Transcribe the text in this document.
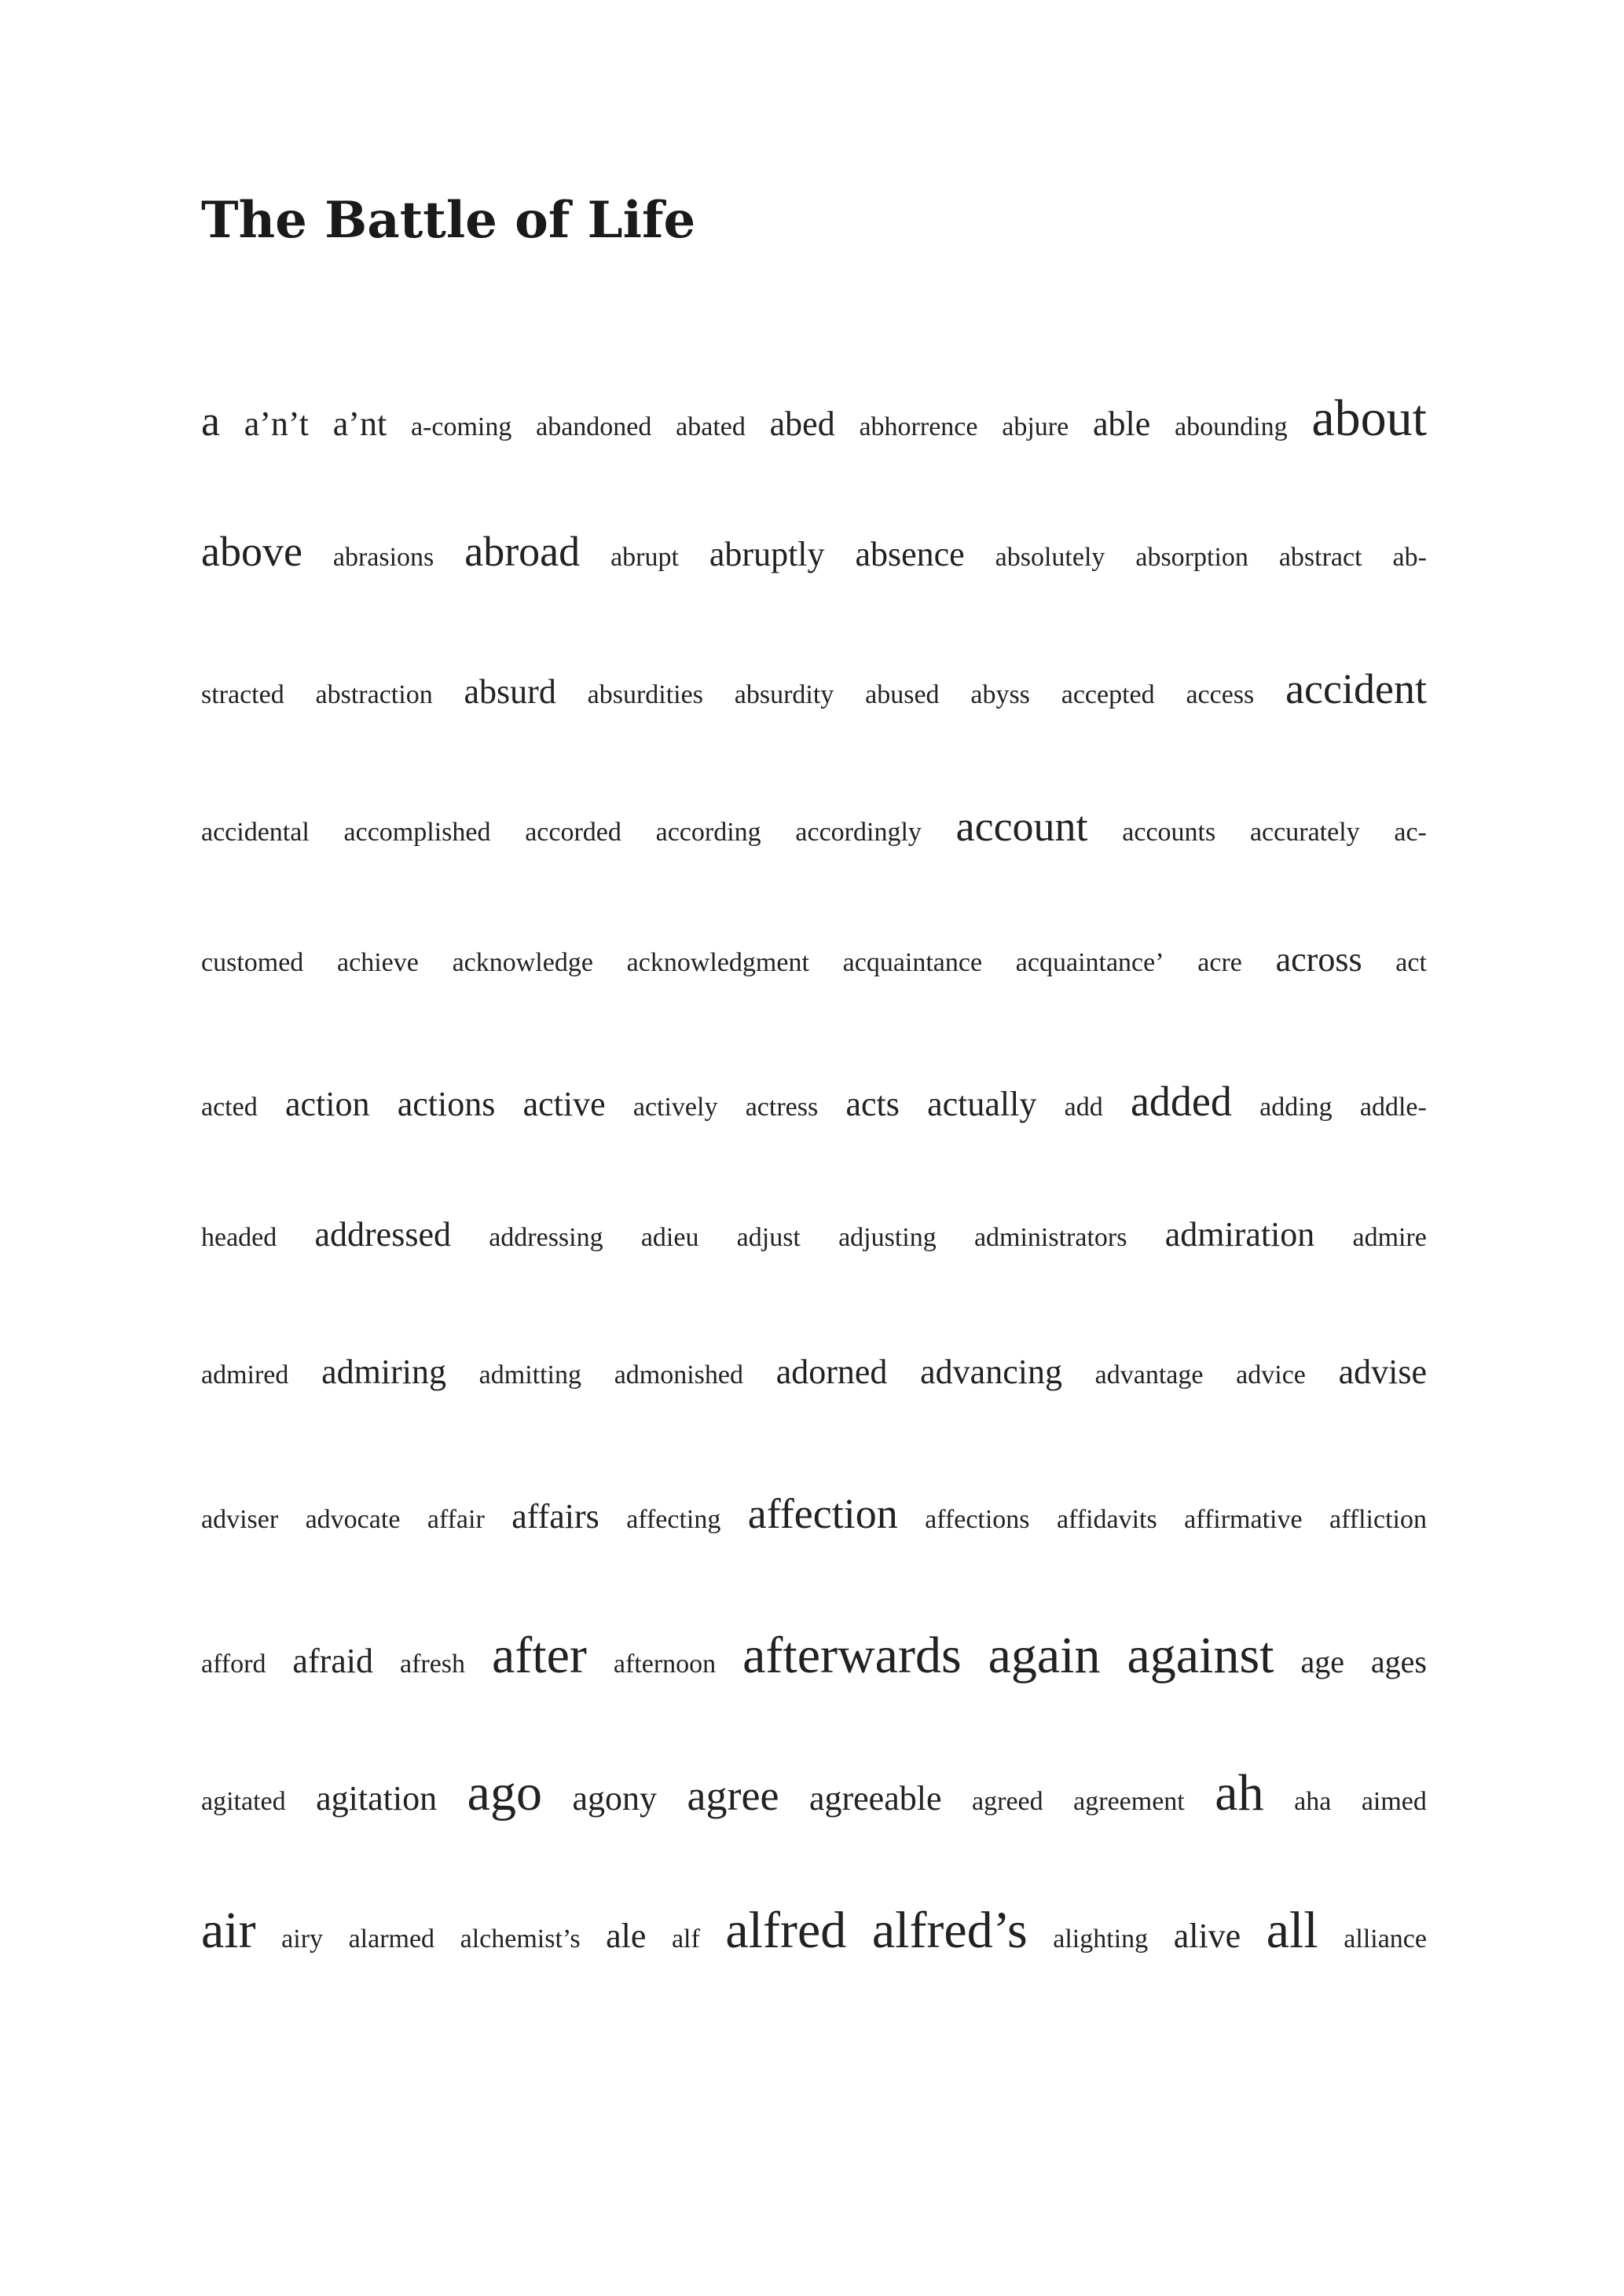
The Battle of Life
a a’n’t a’nt a-coming abandoned abated abed abhorrence abjure able abounding about
above abrasions abroad abrupt abruptly absence absolutely absorption abstract ab-
stracted abstraction absurd absurdities absurdity abused abyss accepted access accident
accidental accomplished accorded according accordingly account accounts accurately ac-
customed achieve acknowledge acknowledgment acquaintance acquaintance’ acre across act
acted action actions active actively actress acts actually add added adding addle-
headed addressed addressing adieu adjust adjusting administrators admiration admire
admired admiring admitting admonished adorned advancing advantage advice advise
adviser advocate affair affairs affecting affection affections affidavits affirmative affliction
afford afraid afresh after afternoon afterwards again against age ages
agitated agitation ago agony agree agreeable agreed agreement ah aha aimed
air airy alarmed alchemist’s ale alf alfred alfred’s alighting alive all alliance
